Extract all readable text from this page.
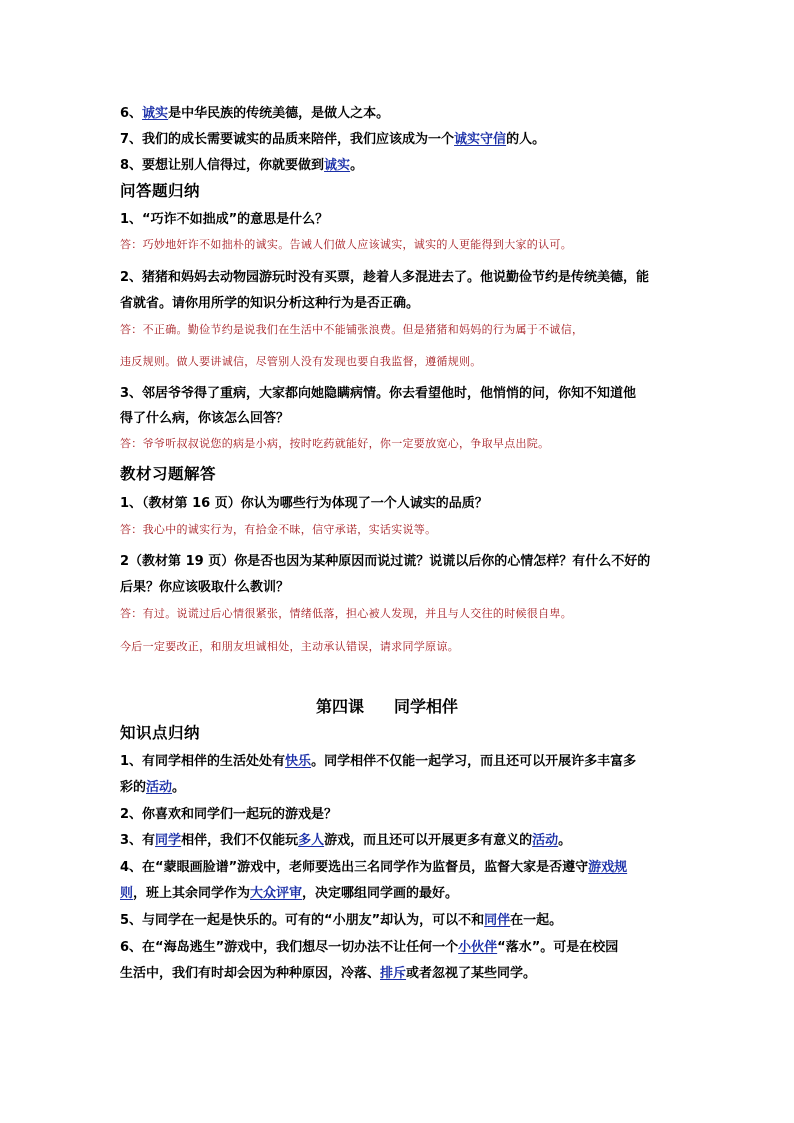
6、诚实是中华民族的传统美德，是做人之本。
7、我们的成长需要诚实的品质来陪伴，我们应该成为一个诚实守信的人。
8、要想让别人信得过，你就要做到诚实。
问答题归纳
1、“巧诈不如拙成”的意思是什么？
答：巧妙地奸诈不如拙朴的诚实。告诫人们做人应该诚实，诚实的人更能得到大家的认可。
2、猪猪和妈妈去动物园游玩时没有买票，趁着人多混进去了。他说勤俭节约是传统美德，能
省就省。请你用所学的知识分析这种行为是否正确。
答：不正确。勤俭节约是说我们在生活中不能铺张浪费。但是猪猪和妈妈的行为属于不诚信，
违反规则。做人要讲诚信，尽管别人没有发现也要自我监督，遵循规则。
3、邻居爷爷得了重病，大家都向她隐瞒病情。你去看望他时，他悄悄的问，你知不知道他
得了什么病，你该怎么回答？
答：爷爷听叔叔说您的病是小病，按时吃药就能好，你一定要放宽心，争取早点出院。
教材习题解答
1、（教材第 16 页）你认为哪些行为体现了一个人诚实的品质？
答：我心中的诚实行为，有拾金不昧，信守承诺，实话实说等。
2（教材第 19 页）你是否也因为某种原因而说过谎？说谎以后你的心情怎样？有什么不好的
后果？你应该吸取什么教训？
答：有过。说谎过后心情很紧张，情绪低落，担心被人发现，并且与人交往的时候很自卑。
今后一定要改正，和朋友坦诚相处，主动承认错误，请求同学原谅。
第四课 同学相伴
知识点归纳
1、有同学相伴的生活处处有快乐。同学相伴不仅能一起学习，而且还可以开展许多丰富多
彩的活动。
2、你喜欢和同学们一起玩的游戏是？
3、有同学相伴，我们不仅能玩多人游戏，而且还可以开展更多有意义的活动。
4、在“蒙眼画脸谱”游戏中，老师要选出三名同学作为监督员，监督大家是否遵守游戏规
则，班上其余同学作为大众评审，决定哪组同学画的最好。
5、与同学在一起是快乐的。可有的“小朋友”却认为，可以不和同伴在一起。
6、在“海岛逃生”游戏中，我们想尽一切办法不让任何一个小伙伴“落水”。可是在校园
生活中，我们有时却会因为种种原因，冷落、排斥或者忽视了某些同学。
